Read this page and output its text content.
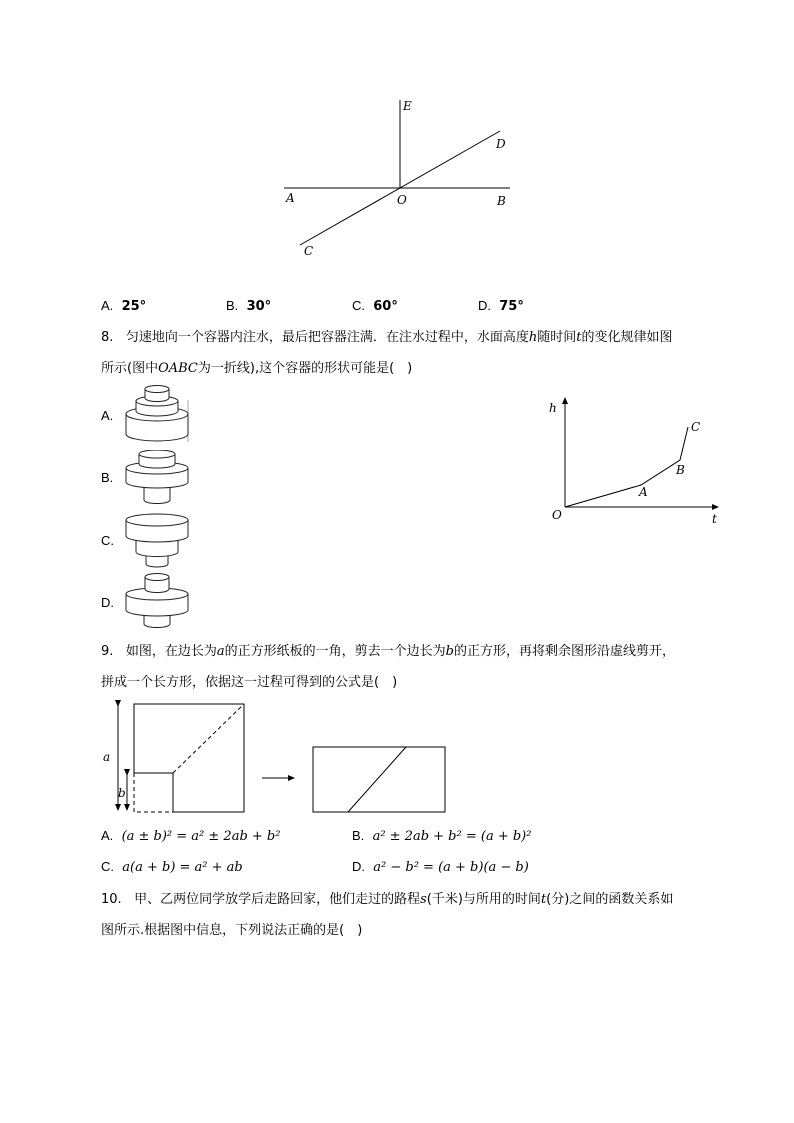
E
D
A	O	B
C
A. 25°	B. 30°	C. 60°	D. 75°
8. 匀速地向一个容器内注水，最后把容器注满．在注水过程中，水面高度h随时间t的变化规律如图
所示(图中OABC为一折线),这个容器的形状可能是(　)
A.
B.
C.
D.
h
t
O
A
B
C
9. 如图，在边长为a的正方形纸板的一角，剪去一个边长为b的正方形，再将剩余图形沿虚线剪开，
拼成一个长方形，依据这一过程可得到的公式是(　)
a
b
A. (a ± b)² = a² ± 2ab + b²	B. a² ± 2ab + b² = (a + b)²
C. a(a + b) = a² + ab	D. a² − b² = (a + b)(a − b)
10. 甲、乙两位同学放学后走路回家，他们走过的路程s(千米)与所用的时间t(分)之间的函数关系如
图所示.根据图中信息，下列说法正确的是(　)
